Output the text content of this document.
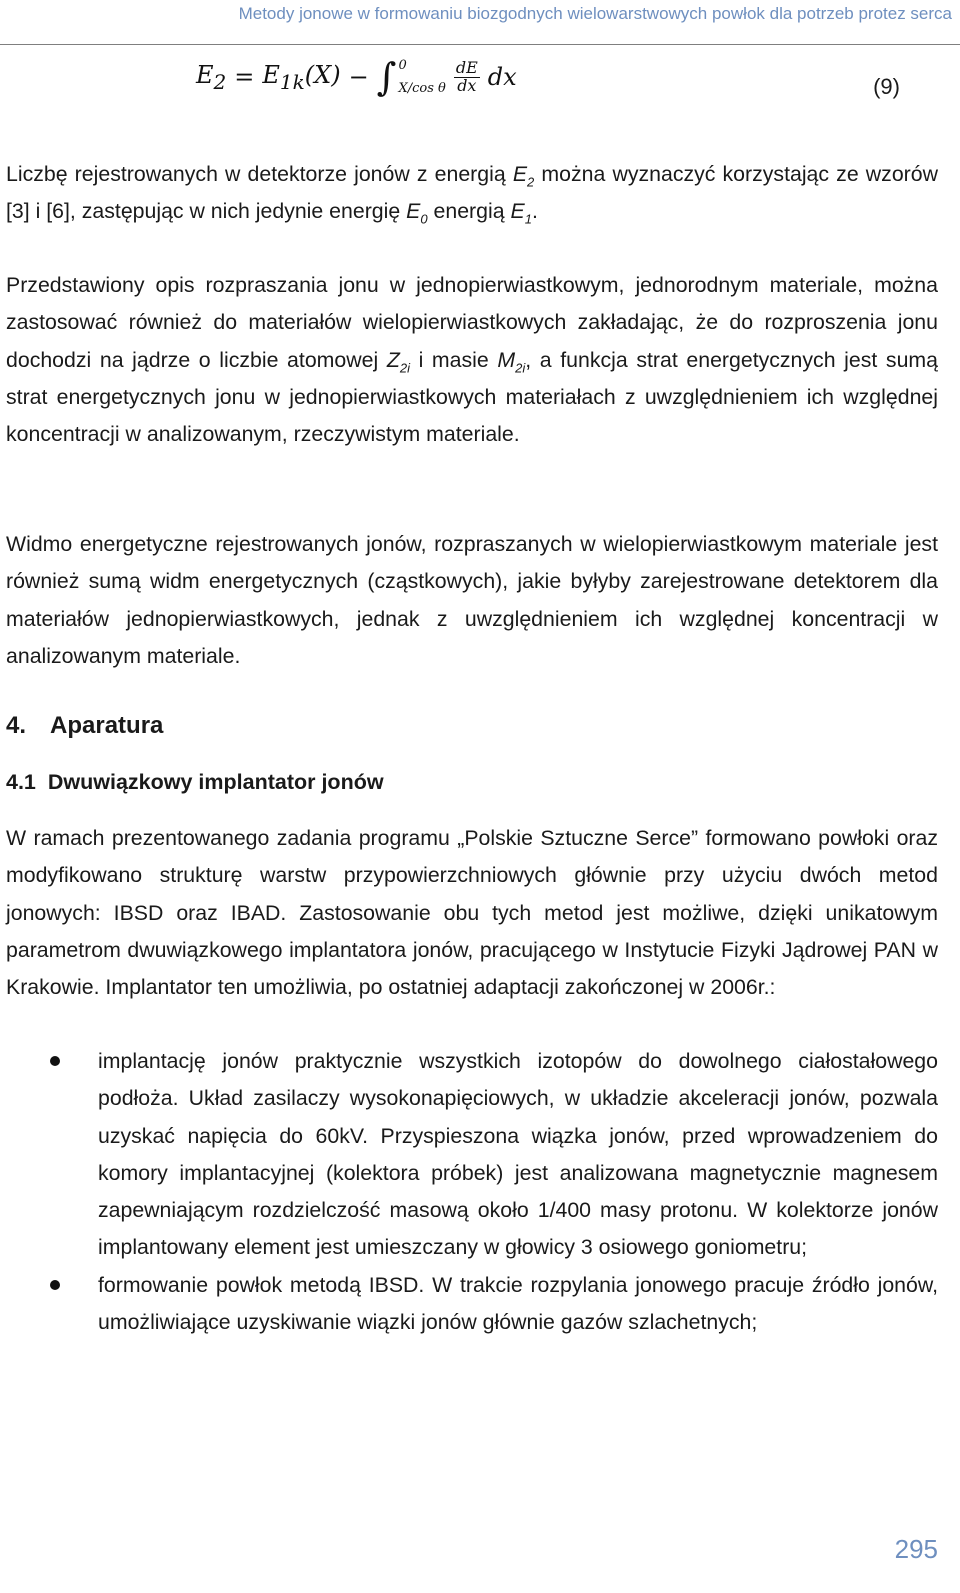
Metody jonowe w formowaniu biozgodnych wielowarstwowych powłok dla potrzeb protez serca
$E_2 = E_{1k}(X)$ − ∫ 0
X/cos θ $\frac{dE}{dx}$ dx	(9)

Liczbę rejestrowanych w detektorze jonów z energią $E_2$ można wyznaczyć korzystając ze wzorów [3] i [6], zastępując w nich jedynie energię $E_0$ energią $E_1$.

Przedstawiony opis rozpraszania jonu w jednopierwiastkowym, jednorodnym materiale, można zastosować również do materiałów wielopierwiastkowych zakładając, że do rozproszenia jonu dochodzi na jądrze o liczbie atomowej $Z_{2i}$ i masie $M_{2i}$, a funkcja strat energetycznych jest sumą strat energetycznych jonu w jednopierwiastkowych materiałach z uwzględnieniem ich względnej koncentracji w analizowanym, rzeczywistym materiale.

Widmo energetyczne rejestrowanych jonów, rozpraszanych w wielopierwiastkowym materiale jest również sumą widm energetycznych (cząstkowych), jakie byłyby zarejestrowane detektorem dla materiałów jednopierwiastkowych, jednak z uwzględnieniem ich względnej koncentracji w analizowanym materiale.

4. Aparatura
4.1 Dwuwiązkowy implantator jonów

W ramach prezentowanego zadania programu „Polskie Sztuczne Serce” formowano powłoki oraz modyfikowano strukturę warstw przypowierzchniowych głównie przy użyciu dwóch metod jonowych: IBSD oraz IBAD. Zastosowanie obu tych metod jest możliwe, dzięki unikatowym parametrom dwuwiązkowego implantatora jonów, pracującego w Instytucie Fizyki Jądrowej PAN w Krakowie. Implantator ten umożliwia, po ostatniej adaptacji zakończonej w 2006r.:

implantację jonów praktycznie wszystkich izotopów do dowolnego ciałostałowego podłoża. Układ zasilaczy wysokonapięciowych, w układzie akceleracji jonów, pozwala uzyskać napięcia do 60kV. Przyspieszona wiązka jonów, przed wprowadzeniem do komory implantacyjnej (kolektora próbek) jest analizowana magnetycznie magnesem zapewniającym rozdzielczość masową około 1/400 masy protonu. W kolektorze jonów implantowany element jest umieszczany w głowicy 3 osiowego goniometru;
formowanie powłok metodą IBSD. W trakcie rozpylania jonowego pracuje źródło jonów, umożliwiające uzyskiwanie wiązki jonów głównie gazów szlachetnych;
295
